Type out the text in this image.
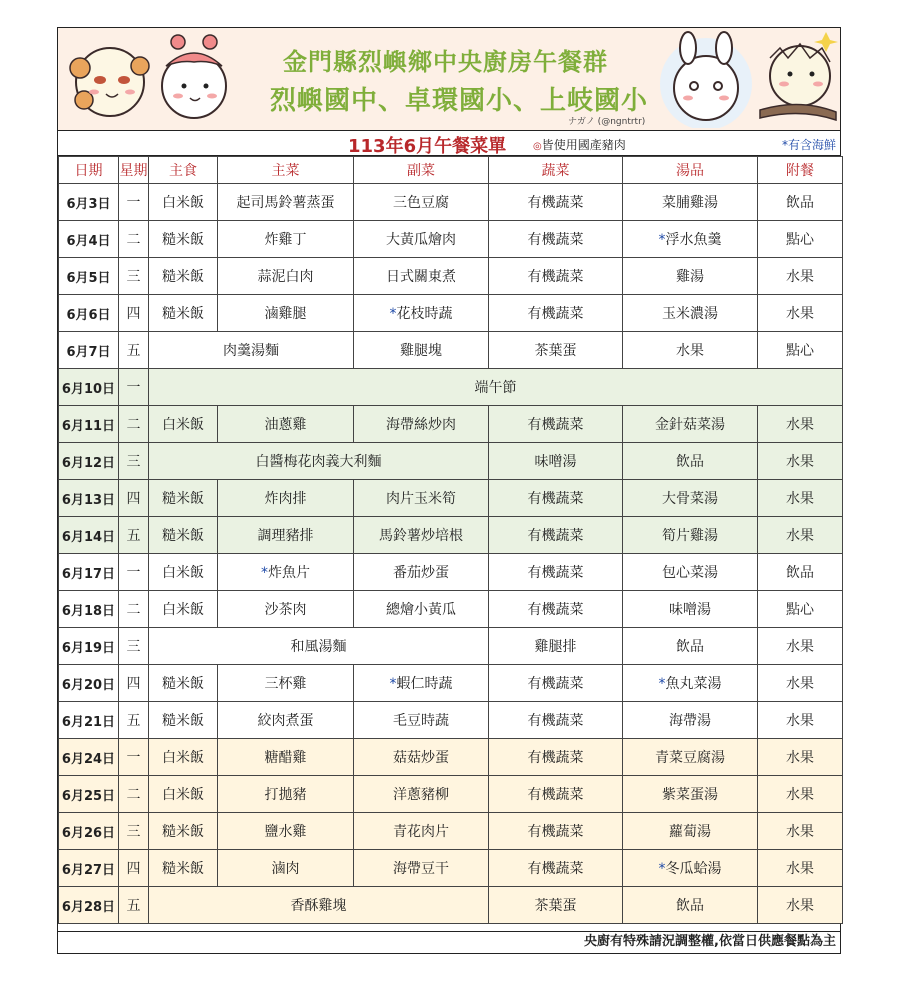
金門縣烈嶼鄉中央廚房午餐群
烈嶼國中、卓環國小、上岐國小
ナガノ (@ngntrtr)
113年6月午餐菜單	◎皆使用國產豬肉	*有含海鮮
日期	星期	主食	主菜	副菜	蔬菜	湯品	附餐
6月3日	一	白米飯	起司馬鈴薯蒸蛋	三色豆腐	有機蔬菜	菜脯雞湯	飲品
6月4日	二	糙米飯	炸雞丁	大黃瓜燴肉	有機蔬菜	*浮水魚羹	點心
6月5日	三	糙米飯	蒜泥白肉	日式關東煮	有機蔬菜	雞湯	水果
6月6日	四	糙米飯	滷雞腿	*花枝時蔬	有機蔬菜	玉米濃湯	水果
6月7日	五	肉羹湯麵		雞腿塊	茶葉蛋	水果	點心
6月10日	一	端午節					
6月11日	二	白米飯	油蔥雞	海帶絲炒肉	有機蔬菜	金針菇菜湯	水果
6月12日	三	白醬梅花肉義大利麵			味噌湯	飲品	水果
6月13日	四	糙米飯	炸肉排	肉片玉米筍	有機蔬菜	大骨菜湯	水果
6月14日	五	糙米飯	調理豬排	馬鈴薯炒培根	有機蔬菜	筍片雞湯	水果
6月17日	一	白米飯	*炸魚片	番茄炒蛋	有機蔬菜	包心菜湯	飲品
6月18日	二	白米飯	沙茶肉	總燴小黃瓜	有機蔬菜	味噌湯	點心
6月19日	三	和風湯麵			雞腿排	飲品	水果
6月20日	四	糙米飯	三杯雞	*蝦仁時蔬	有機蔬菜	*魚丸菜湯	水果
6月21日	五	糙米飯	絞肉煮蛋	毛豆時蔬	有機蔬菜	海帶湯	水果
6月24日	一	白米飯	糖醋雞	菇菇炒蛋	有機蔬菜	青菜豆腐湯	水果
6月25日	二	白米飯	打拋豬	洋蔥豬柳	有機蔬菜	紫菜蛋湯	水果
6月26日	三	糙米飯	鹽水雞	青花肉片	有機蔬菜	蘿蔔湯	水果
6月27日	四	糙米飯	滷肉	海帶豆干	有機蔬菜	*冬瓜蛤湯	水果
6月28日	五	香酥雞塊			茶葉蛋	飲品	水果
央廚有特殊請況調整權,依當日供應餐點為主
